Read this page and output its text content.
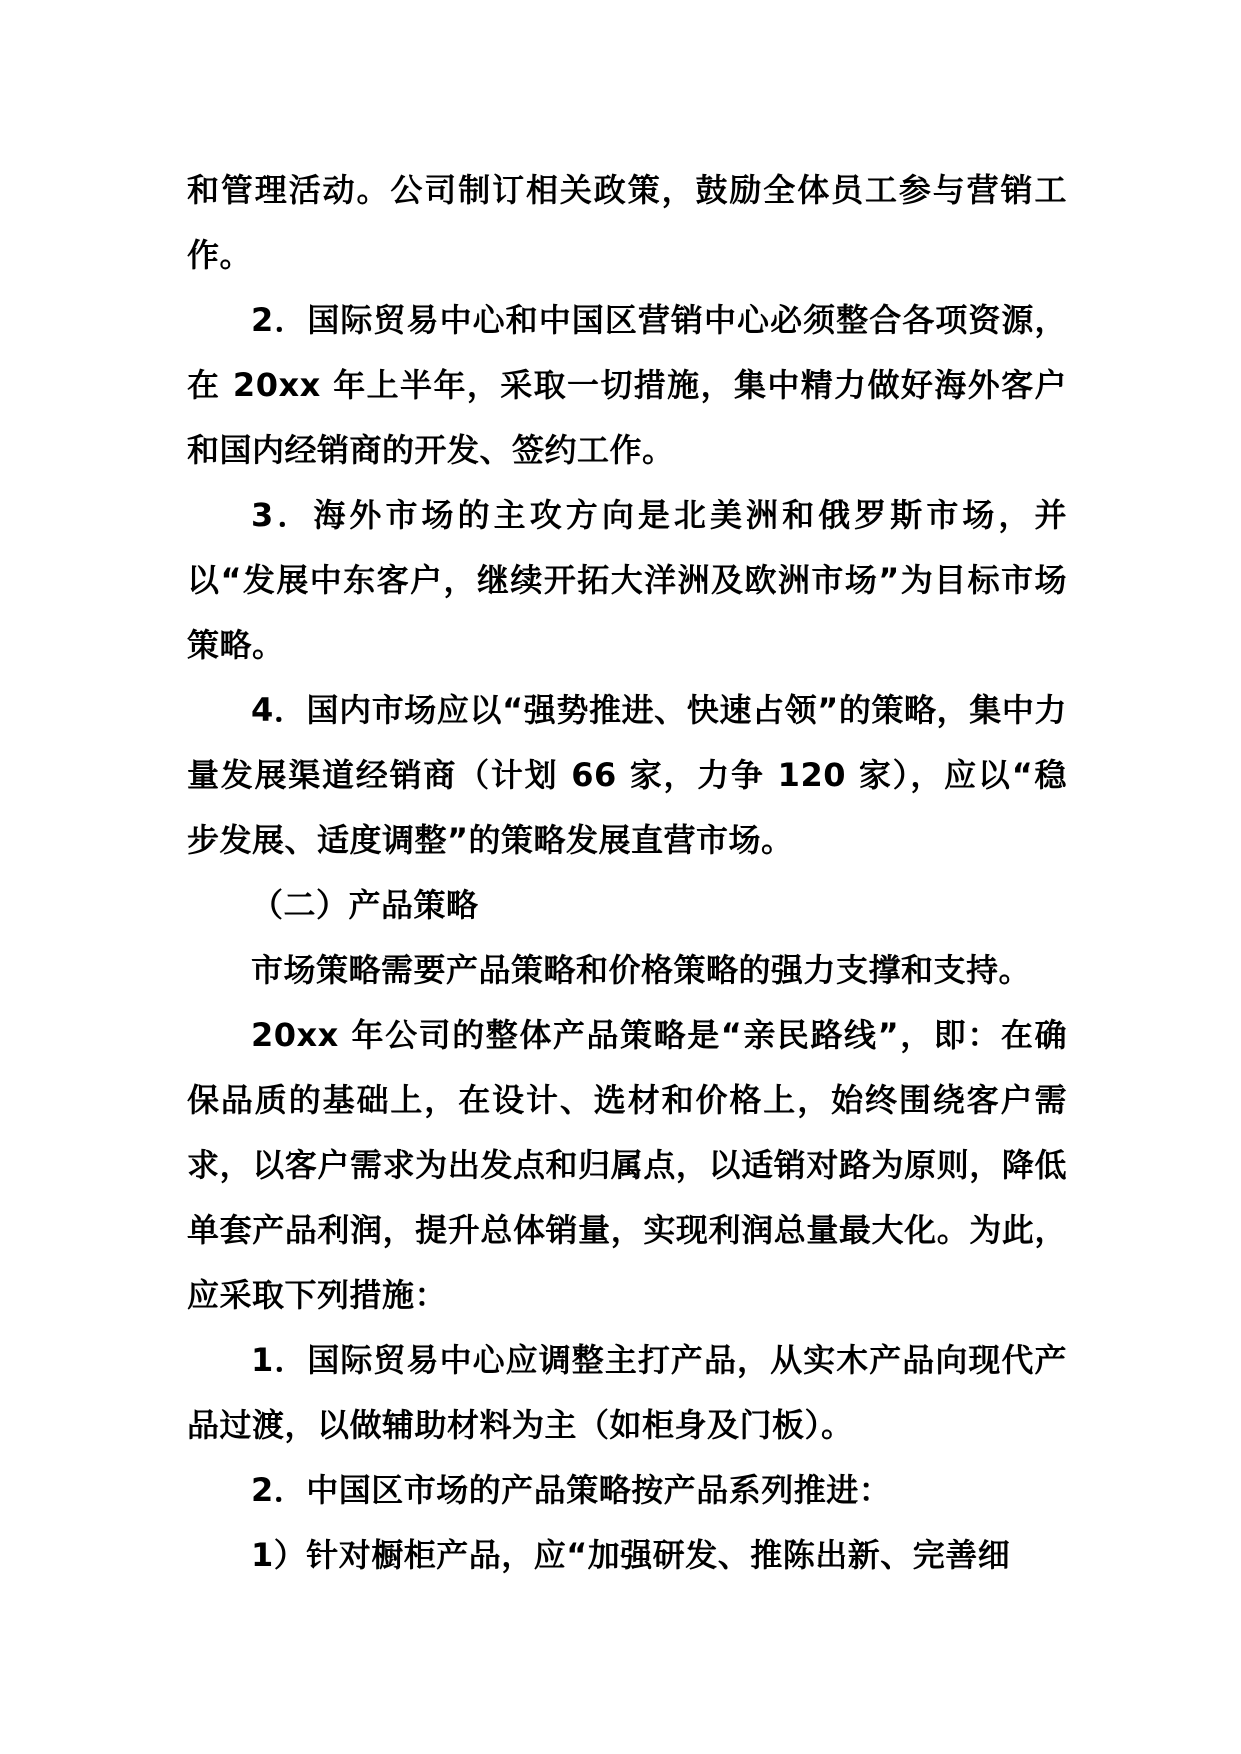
和管理活动。公司制订相关政策，鼓励全体员工参与营销工作。

2．国际贸易中心和中国区营销中心必须整合各项资源，在 20xx 年上半年，采取一切措施，集中精力做好海外客户和国内经销商的开发、签约工作。

3．海外市场的主攻方向是北美洲和俄罗斯市场，并以“发展中东客户，继续开拓大洋洲及欧洲市场”为目标市场策略。

4．国内市场应以“强势推进、快速占领”的策略，集中力量发展渠道经销商（计划 66 家，力争 120 家），应以“稳步发展、适度调整”的策略发展直营市场。

（二）产品策略

市场策略需要产品策略和价格策略的强力支撑和支持。

20xx 年公司的整体产品策略是“亲民路线”，即：在确保品质的基础上，在设计、选材和价格上，始终围绕客户需求，以客户需求为出发点和归属点，以适销对路为原则，降低单套产品利润，提升总体销量，实现利润总量最大化。为此，应采取下列措施：

1．国际贸易中心应调整主打产品，从实木产品向现代产品过渡，以做辅助材料为主（如柜身及门板）。

2．中国区市场的产品策略按产品系列推进：

1）针对橱柜产品，应“加强研发、推陈出新、完善细
